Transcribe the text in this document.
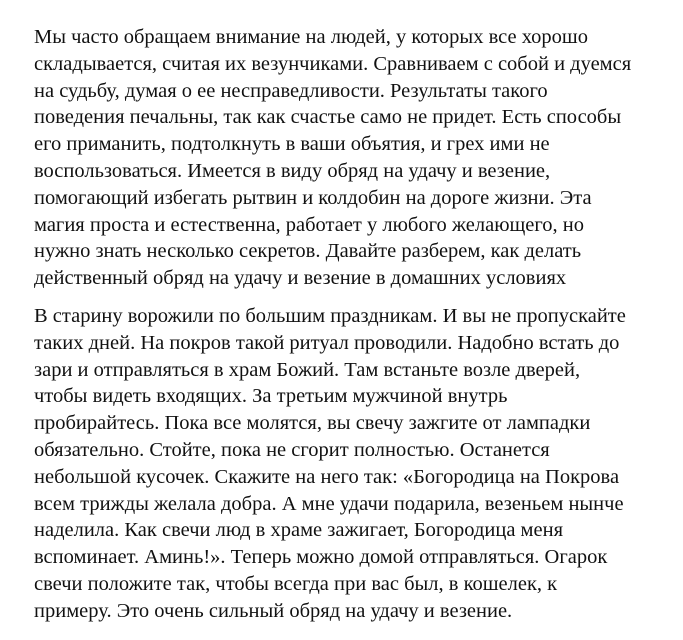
Мы часто обращаем внимание на людей, у которых все хорошо
складывается, считая их везунчиками. Сравниваем с собой и дуемся
на судьбу, думая о ее несправедливости. Результаты такого
поведения печальны, так как счастье само не придет. Есть способы
его приманить, подтолкнуть в ваши объятия, и грех ими не
воспользоваться. Имеется в виду обряд на удачу и везение,
помогающий избегать рытвин и колдобин на дороге жизни. Эта
магия проста и естественна, работает у любого желающего, но
нужно знать несколько секретов. Давайте разберем, как делать
действенный обряд на удачу и везение в домашних условиях

В старину ворожили по большим праздникам. И вы не пропускайте
таких дней. На покров такой ритуал проводили. Надобно встать до
зари и отправляться в храм Божий. Там встаньте возле дверей,
чтобы видеть входящих. За третьим мужчиной внутрь
пробирайтесь. Пока все молятся, вы свечу зажгите от лампадки
обязательно. Стойте, пока не сгорит полностью. Останется
небольшой кусочек. Скажите на него так: «Богородица на Покрова
всем трижды желала добра. А мне удачи подарила, везеньем нынче
наделила. Как свечи люд в храме зажигает, Богородица меня
вспоминает. Аминь!». Теперь можно домой отправляться. Огарок
свечи положите так, чтобы всегда при вас был, в кошелек, к
примеру. Это очень сильный обряд на удачу и везение.
